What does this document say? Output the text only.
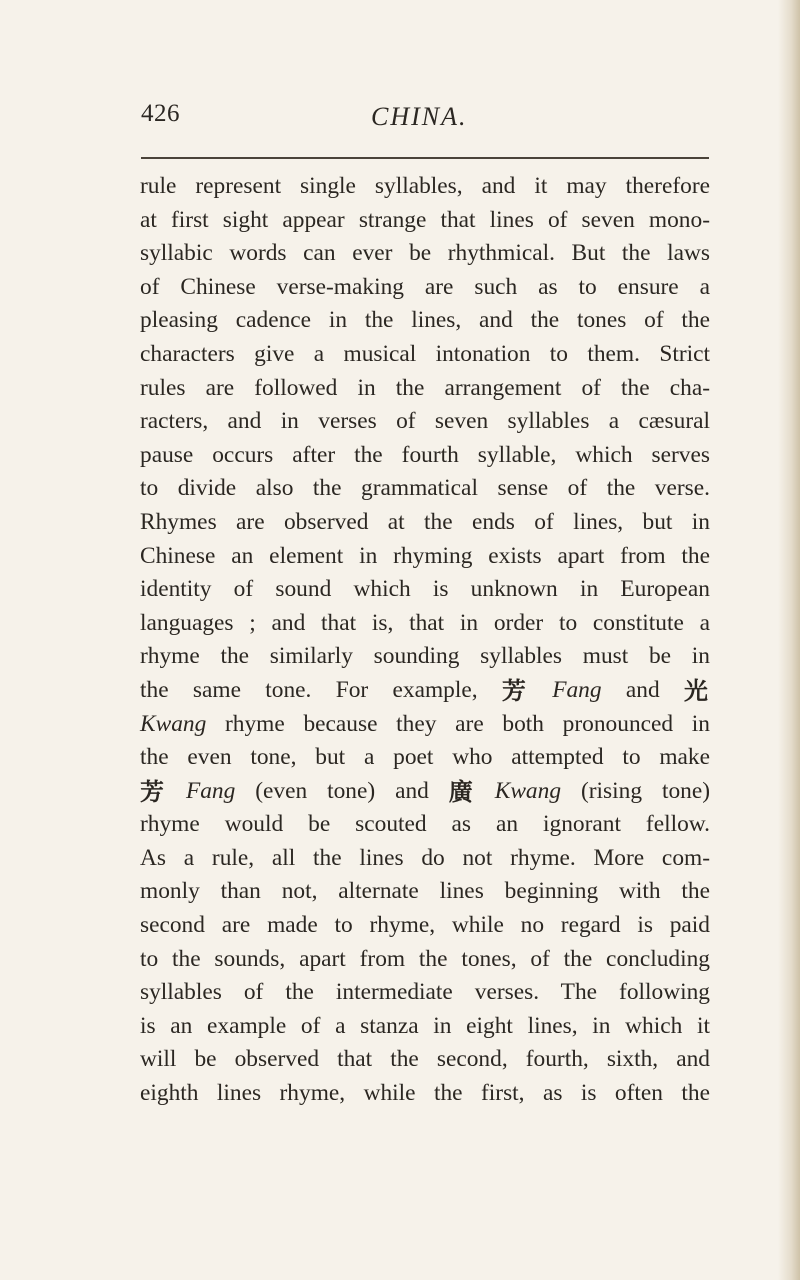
426	CHINA.
rule represent single syllables, and it may therefore
at first sight appear strange that lines of seven mono-
syllabic words can ever be rhythmical. But the laws
of Chinese verse-making are such as to ensure a
pleasing cadence in the lines, and the tones of the
characters give a musical intonation to them. Strict
rules are followed in the arrangement of the cha-
racters, and in verses of seven syllables a cæsural
pause occurs after the fourth syllable, which serves
to divide also the grammatical sense of the verse.
Rhymes are observed at the ends of lines, but in
Chinese an element in rhyming exists apart from the
identity of sound which is unknown in European
languages ; and that is, that in order to constitute a
rhyme the similarly sounding syllables must be in
the same tone. For example, 芳 Fang and 光
Kwang rhyme because they are both pronounced in
the even tone, but a poet who attempted to make
芳 Fang (even tone) and 廣 Kwang (rising tone)
rhyme would be scouted as an ignorant fellow.
As a rule, all the lines do not rhyme. More com-
monly than not, alternate lines beginning with the
second are made to rhyme, while no regard is paid
to the sounds, apart from the tones, of the concluding
syllables of the intermediate verses. The following
is an example of a stanza in eight lines, in which it
will be observed that the second, fourth, sixth, and
eighth lines rhyme, while the first, as is often the
